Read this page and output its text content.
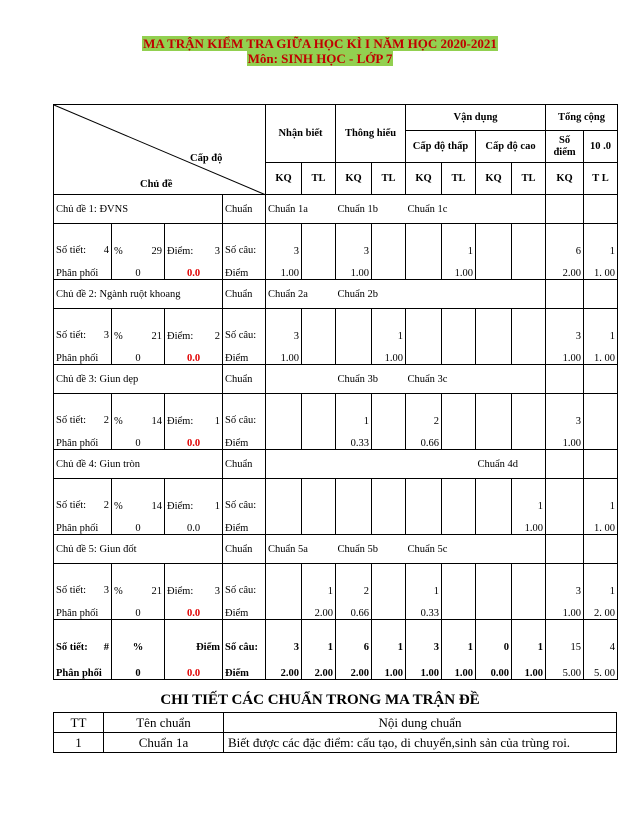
MA TRẬN KIỂM TRA GIỮA HỌC KÌ I NĂM HỌC 2020-2021
Môn: SINH HỌC - LỚP 7
Cấp độ
Chủ đề				Nhận biết		Thông hiểu		Vận dụng				Tổng cộng	
								Cấp độ thấp		Cấp độ cao		Số điểm	10 .0
				KQ	TL	KQ	TL	KQ	TL	KQ	TL	KQ	T L
Chủ đề 1: ĐVNS			Chuẩn	Chuẩn 1a		Chuẩn 1b		Chuẩn 1c					
Số tiết: 4	% 29	Điểm: 3	Số câu:	3		3			1			6	1
Phân phối	0	0.0	Điểm	1.00		1.00			1.00			2.00	1. 00
Chủ đề 2: Ngành ruột khoang			Chuẩn	Chuẩn 2a		Chuẩn 2b							
Số tiết: 3	% 21	Điểm: 2	Số câu:	3			1					3	1
Phân phối	0	0.0	Điểm	1.00			1.00					1.00	1. 00
Chủ đề 3: Giun dẹp			Chuẩn			Chuẩn 3b		Chuẩn 3c					
Số tiết: 2	% 14	Điểm: 1	Số câu:			1		2				3	
Phân phối	0	0.0	Điểm			0.33		0.66				1.00	
Chủ đề 4: Giun tròn			Chuẩn							Chuẩn 4d			
Số tiết: 2	% 14	Điểm: 1	Số câu:								1		1
Phân phối	0	0.0	Điểm								1.00		1. 00
Chủ đề 5: Giun đốt			Chuẩn	Chuẩn 5a		Chuẩn 5b		Chuẩn 5c					
Số tiết: 3	% 21	Điểm: 3	Số câu:		1	2		1				3	1
Phân phối	0	0.0	Điểm		2.00	0.66		0.33				1.00	2. 00
Số tiết: #	%	Điểm	Số câu:	3	1	6	1	3	1	0	1	15	4
Phân phối	0	0.0	Điểm	2.00	2.00	2.00	1.00	1.00	1.00	0.00	1.00	5.00	5. 00
CHI TIẾT CÁC CHUẨN TRONG MA TRẬN ĐỀ
TT	Tên chuẩn	Nội dung chuẩn
1	Chuẩn 1a	Biết được các đặc điểm: cấu tạo, di chuyển,sinh sản của trùng roi.
